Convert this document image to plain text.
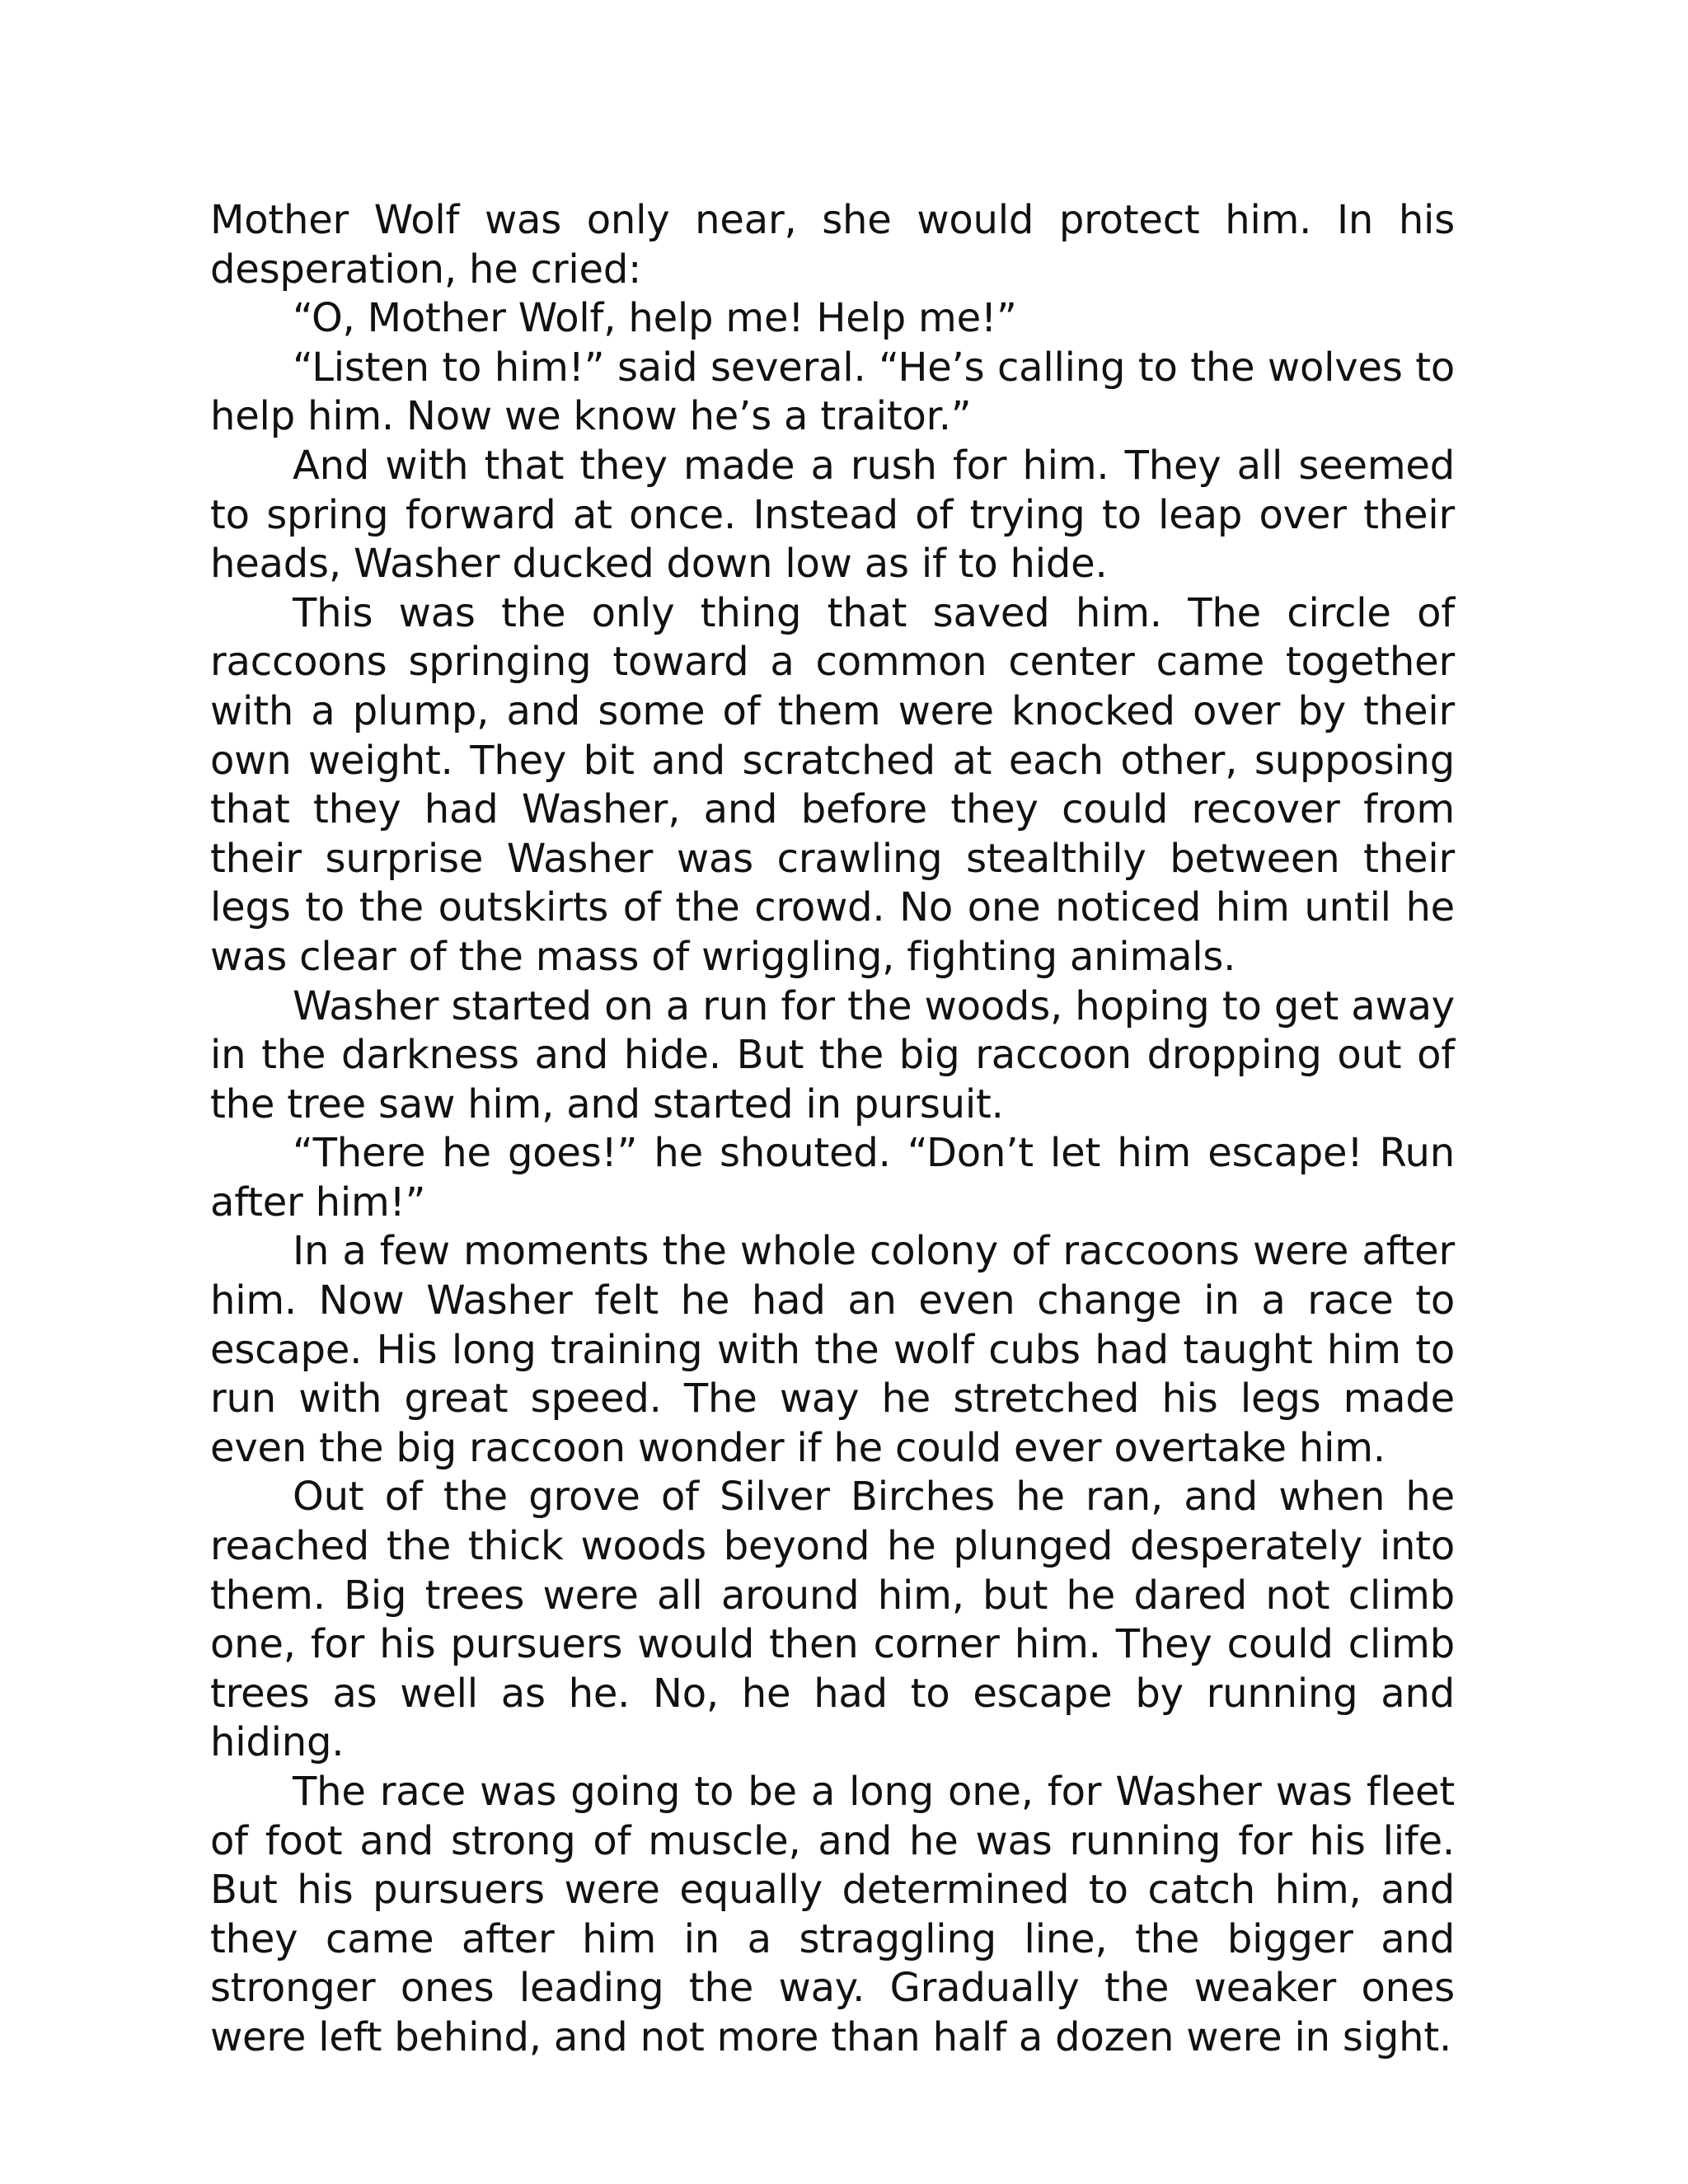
Mother Wolf was only near, she would protect him. In his desperation, he cried:

“O, Mother Wolf, help me! Help me!”

“Listen to him!” said several. “He’s calling to the wolves to help him. Now we know he’s a traitor.”

And with that they made a rush for him. They all seemed to spring forward at once. Instead of trying to leap over their heads, Washer ducked down low as if to hide.

This was the only thing that saved him. The circle of raccoons springing toward a common center came together with a plump, and some of them were knocked over by their own weight. They bit and scratched at each other, supposing that they had Washer, and before they could recover from their surprise Washer was crawling stealthily between their legs to the outskirts of the crowd. No one noticed him until he was clear of the mass of wriggling, fighting animals.

Washer started on a run for the woods, hoping to get away in the darkness and hide. But the big raccoon dropping out of the tree saw him, and started in pursuit.

“There he goes!” he shouted. “Don’t let him escape! Run after him!”

In a few moments the whole colony of raccoons were after him. Now Washer felt he had an even change in a race to escape. His long training with the wolf cubs had taught him to run with great speed. The way he stretched his legs made even the big raccoon wonder if he could ever overtake him.

Out of the grove of Silver Birches he ran, and when he reached the thick woods beyond he plunged desperately into them. Big trees were all around him, but he dared not climb one, for his pursuers would then corner him. They could climb trees as well as he. No, he had to escape by running and hiding.

The race was going to be a long one, for Washer was fleet of foot and strong of muscle, and he was running for his life. But his pursuers were equally determined to catch him, and they came after him in a straggling line, the bigger and stronger ones leading the way. Gradually the weaker ones were left behind, and not more than half a dozen were in sight.
